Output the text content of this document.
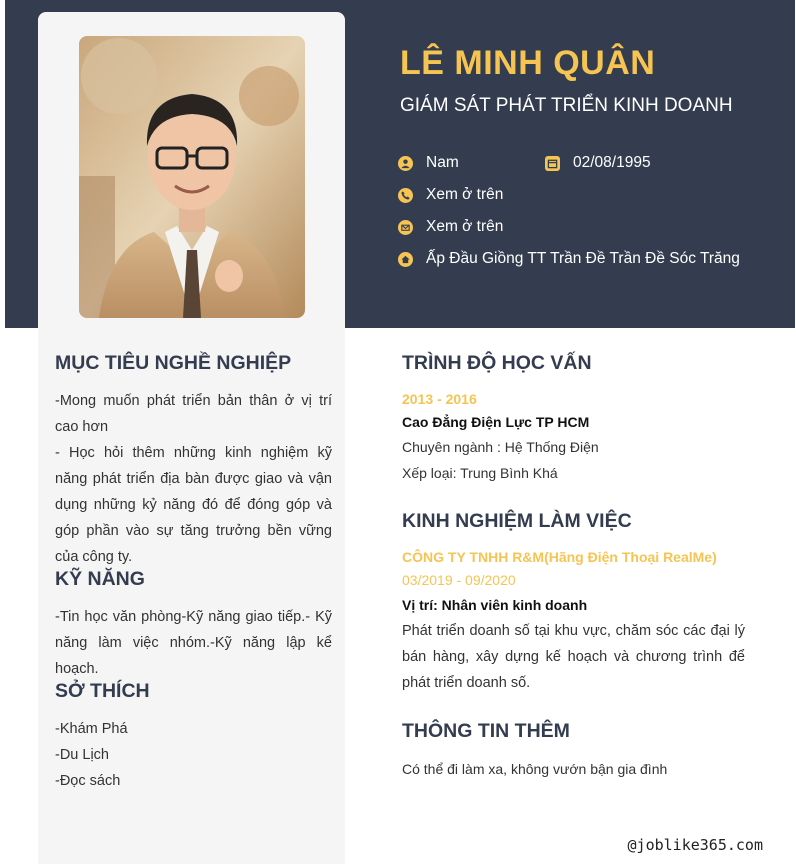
LÊ MINH QUÂN
GIÁM SÁT PHÁT TRIỂN KINH DOANH
Nam	02/08/1995
Xem ở trên
Xem ở trên
Ấp Đầu Giồng TT Trần Đề Trần Đề Sóc Trăng
MỤC TIÊU NGHỀ NGHIỆP
-Mong muốn phát triển bản thân ở vị trí cao hơn
- Học hỏi thêm những kinh nghiệm kỹ năng phát triển địa bàn được giao và vận dụng những kỷ năng đó để đóng góp và góp phần vào sự tăng trưởng bền vững của công ty.
KỸ NĂNG
-Tin học văn phòng-Kỹ năng giao tiếp.- Kỹ năng làm việc nhóm.-Kỹ năng lập kể hoạch.
SỞ THÍCH
-Khám Phá
-Du Lịch
-Đọc sách
TRÌNH ĐỘ HỌC VẤN
2013 - 2016
Cao Đẳng Điện Lực TP HCM
Chuyên ngành : Hệ Thống Điện
Xếp loại: Trung Bình Khá
KINH NGHIỆM LÀM VIỆC
CÔNG TY TNHH R&M(Hãng Điện Thoại RealMe)
03/2019 - 09/2020
Vị trí: Nhân viên kinh doanh
Phát triển doanh số tại khu vực, chăm sóc các đại lý bán hàng, xây dựng kế hoạch và chương trình để phát triển doanh số.
THÔNG TIN THÊM
Có thể đi làm xa, không vướn bận gia đình
@joblike365.com
